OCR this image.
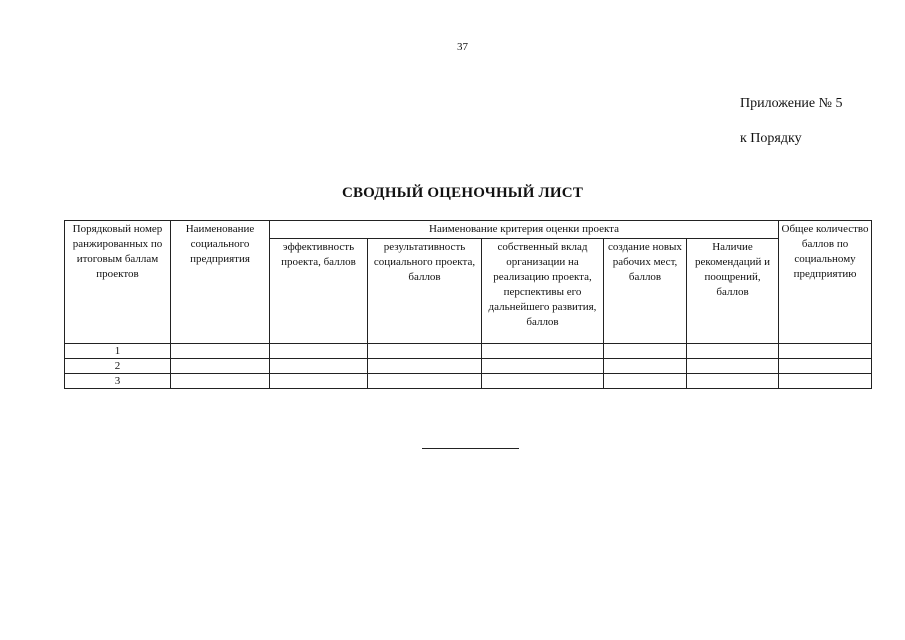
37
Приложение № 5
к Порядку
СВОДНЫЙ ОЦЕНОЧНЫЙ ЛИСТ
Порядковый номер ранжированных по итоговым баллам проектов	Наименование социального предприятия	Наименование критерия оценки проекта					Общее количество баллов по социальному предприятию
		эффективность проекта, баллов	результативность социального проекта, баллов	собственный вклад организации на реализацию проекта, перспективы его дальнейшего развития, баллов	создание новых рабочих мест, баллов	Наличие рекомендаций и поощрений, баллов	
1							
2							
3							
